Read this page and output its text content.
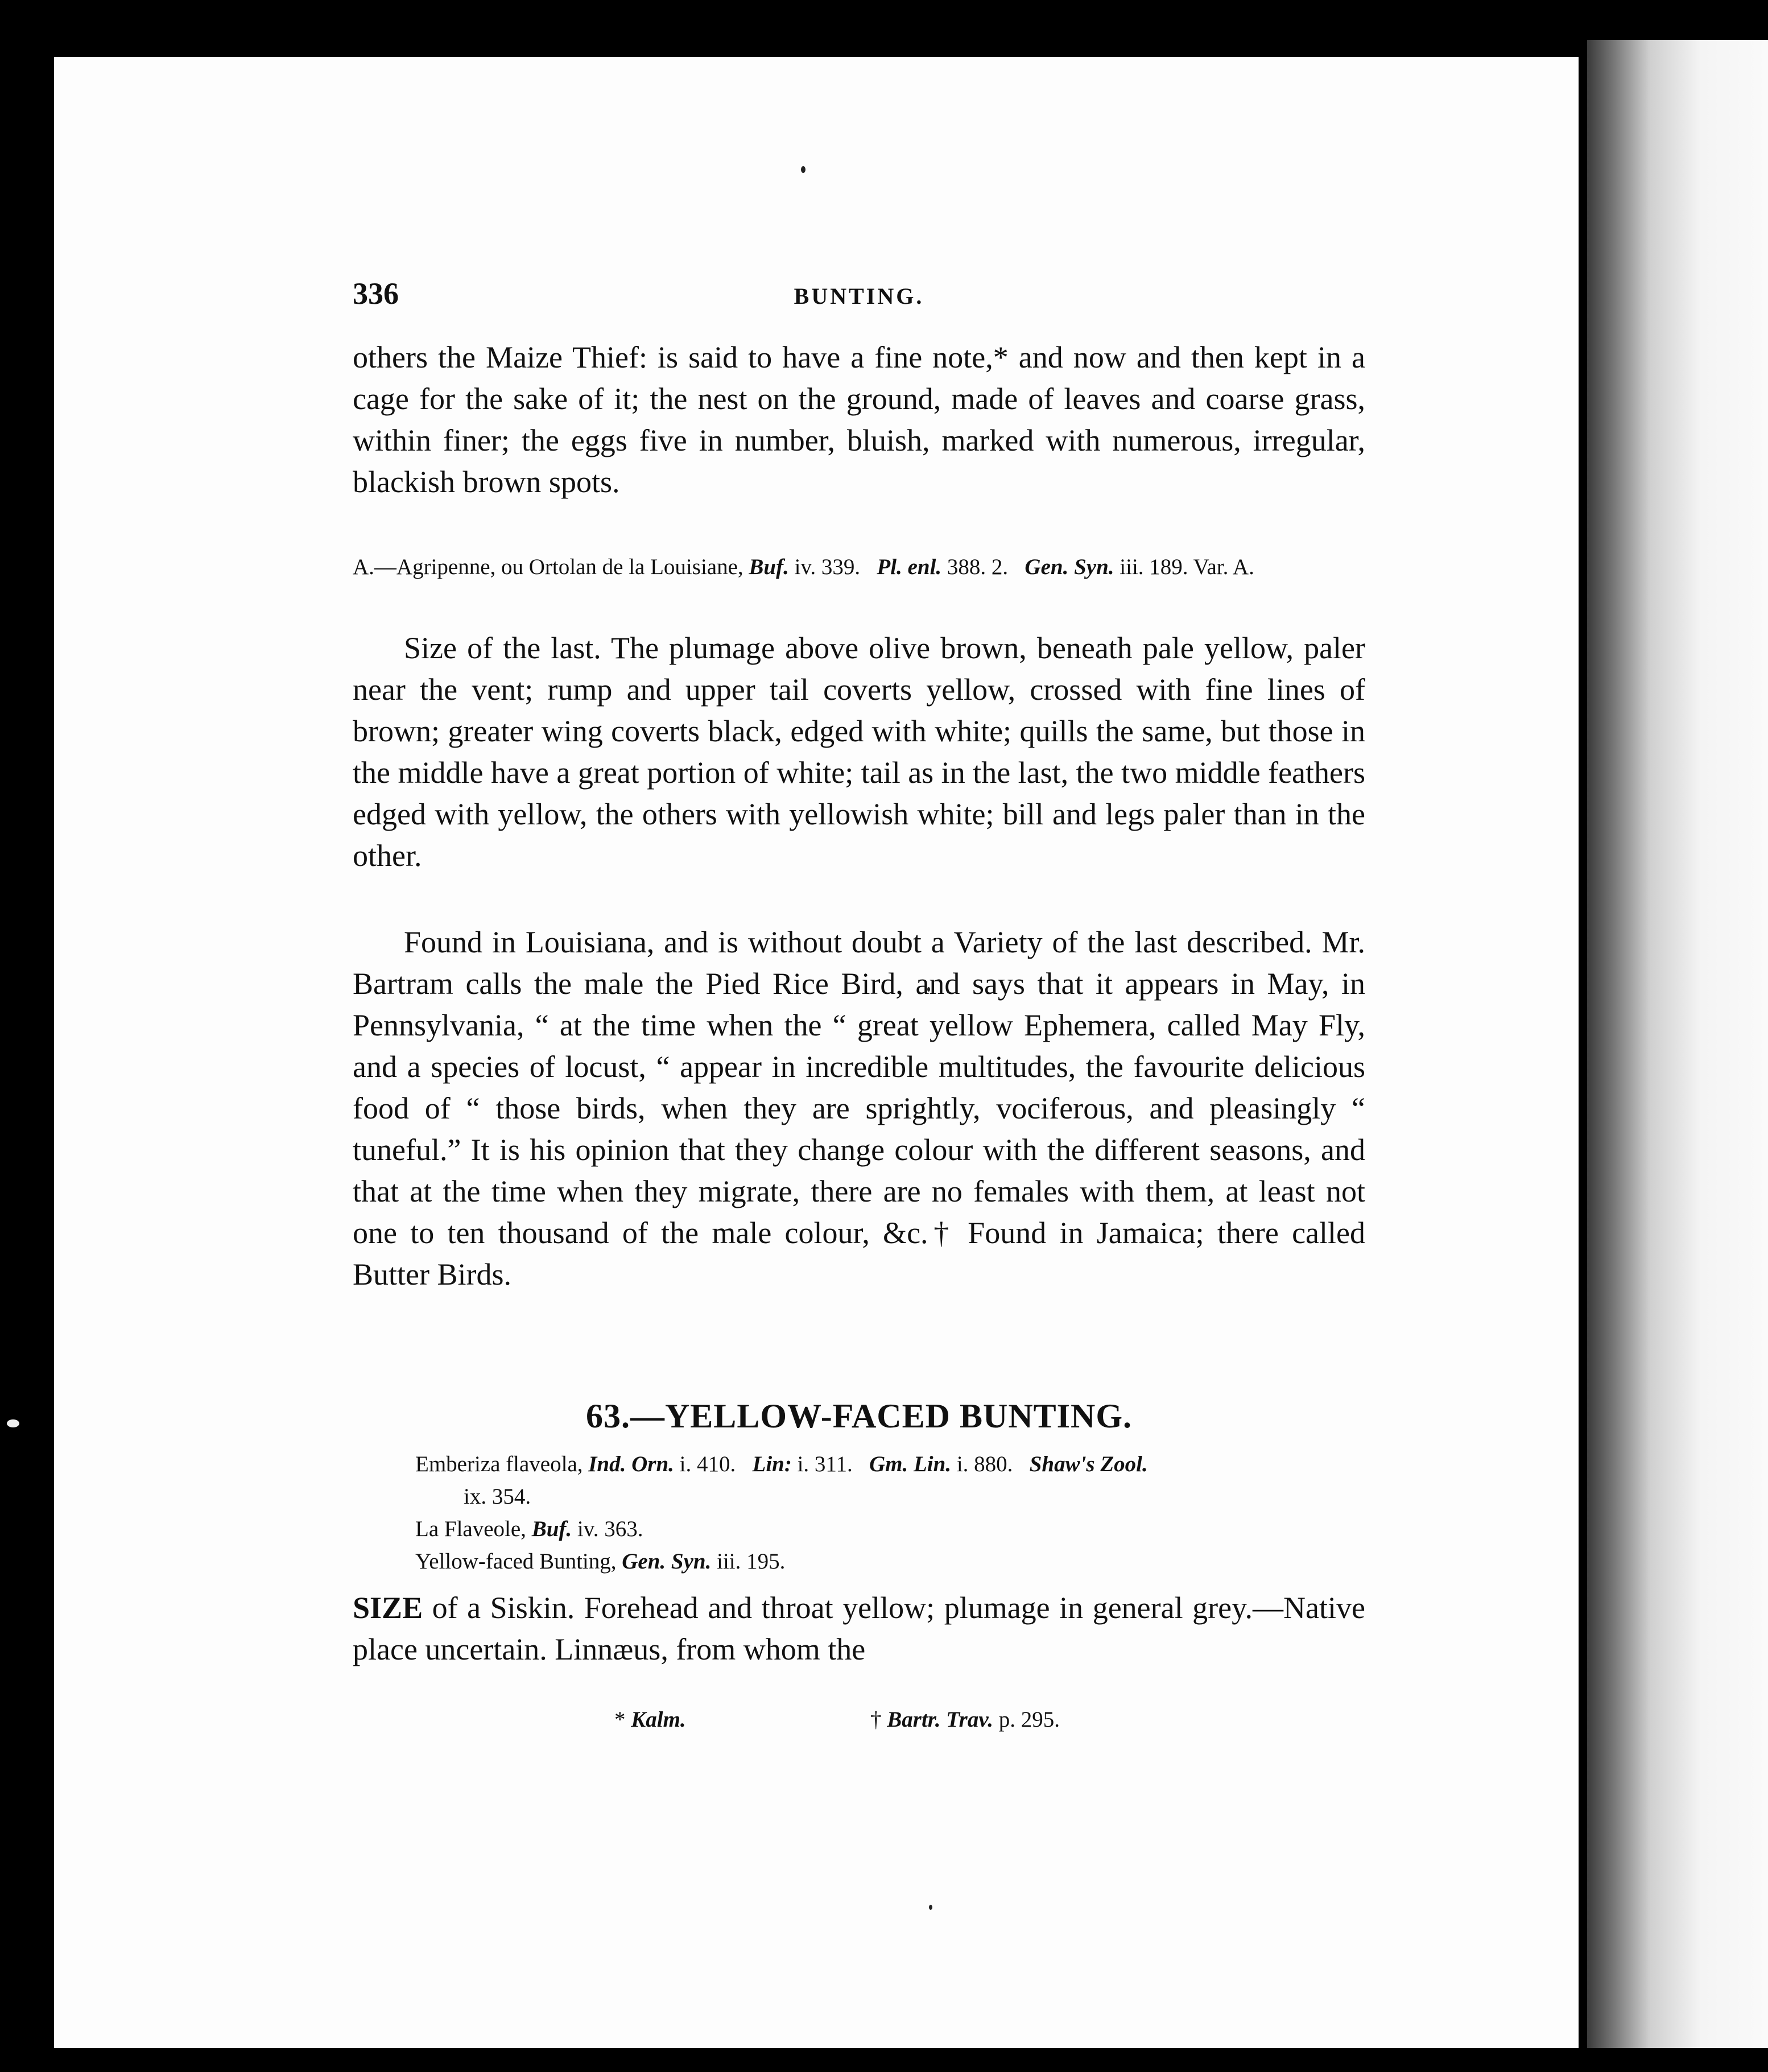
336	BUNTING.

others the Maize Thief: is said to have a fine note,* and now and then kept in a cage for the sake of it; the nest on the ground, made of leaves and coarse grass, within finer; the eggs five in number, bluish, marked with numerous, irregular, blackish brown spots.

A.—Agripenne, ou Ortolan de la Louisiane, Buf. iv. 339. Pl. enl. 388. 2. Gen. Syn. iii. 189. Var. A.

Size of the last. The plumage above olive brown, beneath pale yellow, paler near the vent; rump and upper tail coverts yellow, crossed with fine lines of brown; greater wing coverts black, edged with white; quills the same, but those in the middle have a great portion of white; tail as in the last, the two middle feathers edged with yellow, the others with yellowish white; bill and legs paler than in the other.

Found in Louisiana, and is without doubt a Variety of the last described. Mr. Bartram calls the male the Pied Rice Bird, and says that it appears in May, in Pennsylvania, “ at the time when the “ great yellow Ephemera, called May Fly, and a species of locust, “ appear in incredible multitudes, the favourite delicious food of “ those birds, when they are sprightly, vociferous, and pleasingly “ tuneful.” It is his opinion that they change colour with the different seasons, and that at the time when they migrate, there are no females with them, at least not one to ten thousand of the male colour, &c.† Found in Jamaica; there called Butter Birds.

63.—YELLOW-FACED BUNTING.

Emberiza flaveola, Ind. Orn. i. 410. Lin: i. 311. Gm. Lin. i. 880. Shaw's Zool.

ix. 354.

La Flaveole, Buf. iv. 363.

Yellow-faced Bunting, Gen. Syn. iii. 195.

SIZE of a Siskin. Forehead and throat yellow; plumage in general grey.—Native place uncertain. Linnæus, from whom the

* Kalm.	† Bartr. Trav. p. 295.
